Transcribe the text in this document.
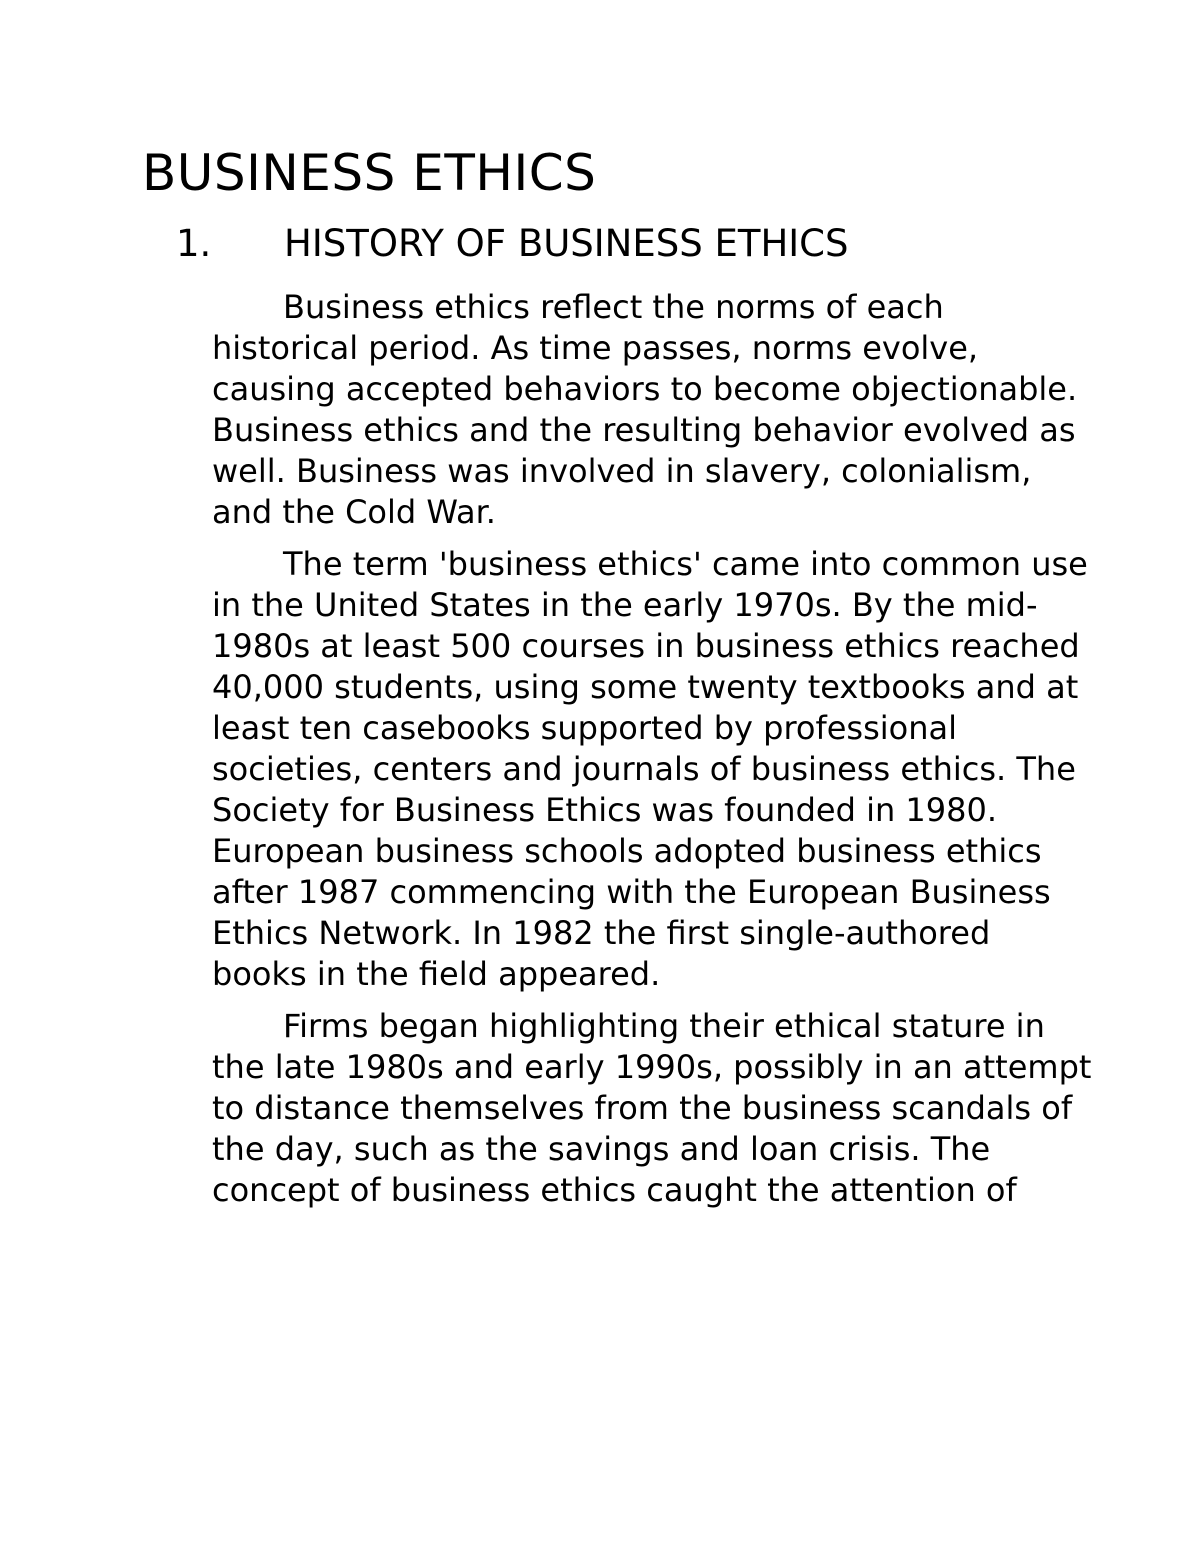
BUSINESS ETHICS
1. HISTORY OF BUSINESS ETHICS

Business ethics reflect the norms of each historical period. As time passes, norms evolve, causing accepted behaviors to become objectionable. Business ethics and the resulting behavior evolved as well. Business was involved in slavery, colonialism, and the Cold War.

The term 'business ethics' came into common use in the United States in the early 1970s. By the mid-1980s at least 500 courses in business ethics reached 40,000 students, using some twenty textbooks and at least ten casebooks supported by professional societies, centers and journals of business ethics. The Society for Business Ethics was founded in 1980. European business schools adopted business ethics after 1987 commencing with the European Business Ethics Network. In 1982 the first single-authored books in the field appeared.

Firms began highlighting their ethical stature in the late 1980s and early 1990s, possibly in an attempt to distance themselves from the business scandals of the day, such as the savings and loan crisis. The concept of business ethics caught the attention of
